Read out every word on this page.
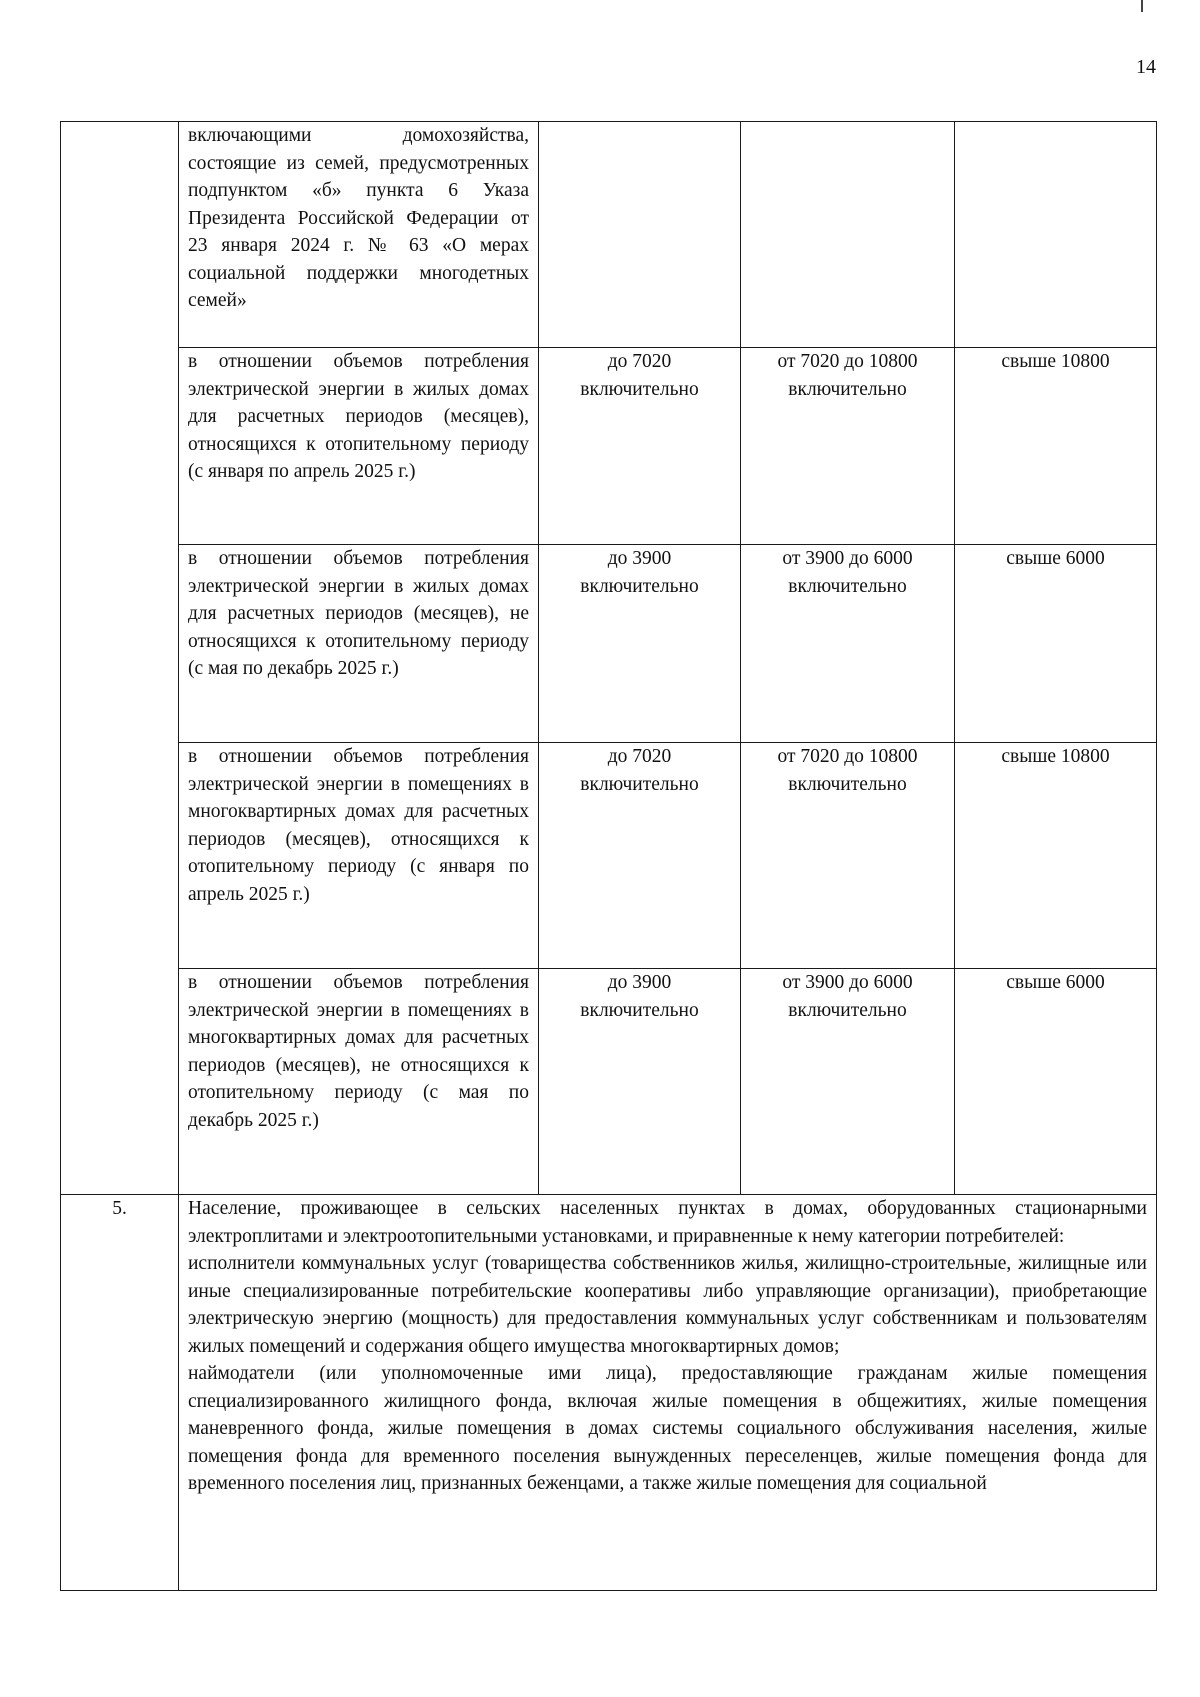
14

	включающими домохозяйства, состоящие из семей, предусмотренных подпунктом «б» пункта 6 Указа Президента Российской Федерации от 23 января 2024 г. № 63 «О мерах социальной поддержки многодетных семей»			

	в отношении объемов потребления электрической энергии в жилых домах для расчетных периодов (месяцев), относящихся к отопительному периоду (с января по апрель 2025 г.)	до 7020 включительно	от 7020 до 10800 включительно	свыше 10800

	в отношении объемов потребления электрической энергии в жилых домах для расчетных периодов (месяцев), не относящихся к отопительному периоду (с мая по декабрь 2025 г.)	до 3900 включительно	от 3900 до 6000 включительно	свыше 6000

	в отношении объемов потребления электрической энергии в помещениях в многоквартирных домах для расчетных периодов (месяцев), относящихся к отопительному периоду (с января по апрель 2025 г.)	до 7020 включительно	от 7020 до 10800 включительно	свыше 10800

	в отношении объемов потребления электрической энергии в помещениях в многоквартирных домах для расчетных периодов (месяцев), не относящихся к отопительному периоду (с мая по декабрь 2025 г.)	до 3900 включительно	от 3900 до 6000 включительно	свыше 6000
5.	Население, проживающее в сельских населенных пунктах в домах, оборудованных стационарными электроплитами и электроотопительными установками, и приравненные к нему категории потребителей:
исполнители коммунальных услуг (товарищества собственников жилья, жилищно-строительные, жилищные или иные специализированные потребительские кооперативы либо управляющие организации), приобретающие электрическую энергию (мощность) для предоставления коммунальных услуг собственникам и пользователям жилых помещений и содержания общего имущества многоквартирных домов;
наймодатели (или уполномоченные ими лица), предоставляющие гражданам жилые помещения специализированного жилищного фонда, включая жилые помещения в общежитиях, жилые помещения маневренного фонда, жилые помещения в домах системы социального обслуживания населения, жилые помещения фонда для временного поселения вынужденных переселенцев, жилые помещения фонда для временного поселения лиц, признанных беженцами, а также жилые помещения для социальной			
